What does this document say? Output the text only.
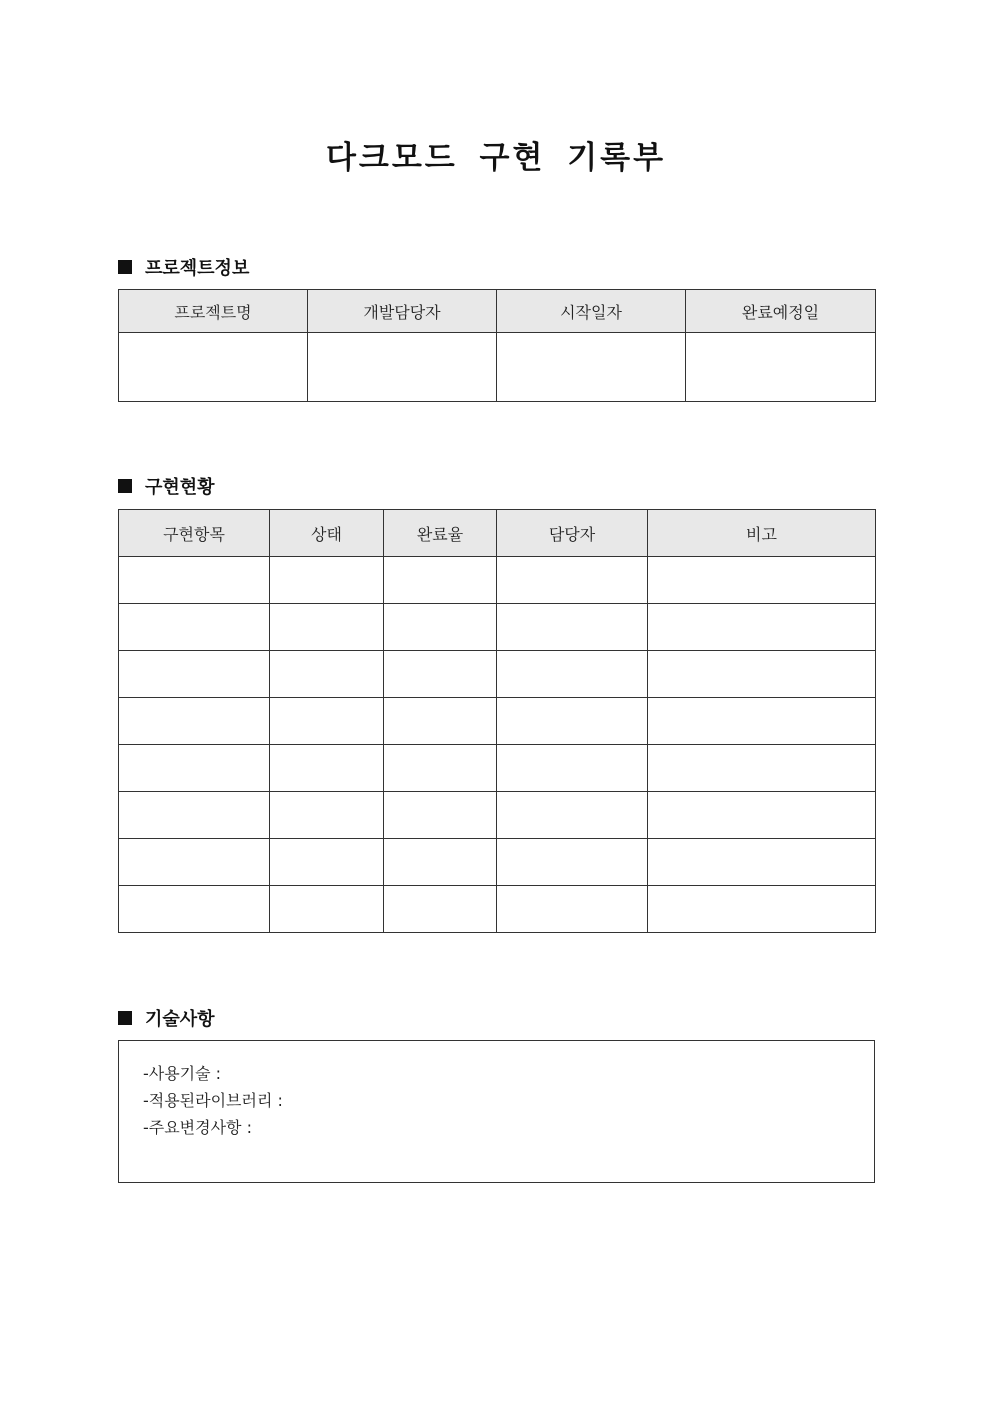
다크모드 구현 기록부
프로젝트정보
프로젝트명	개발담당자	시작일자	완료예정일

구현현황
구현항목	상태	완료율	담당자	비고

기술사항
-사용기술 :
-적용된라이브러리 :
-주요변경사항 :
